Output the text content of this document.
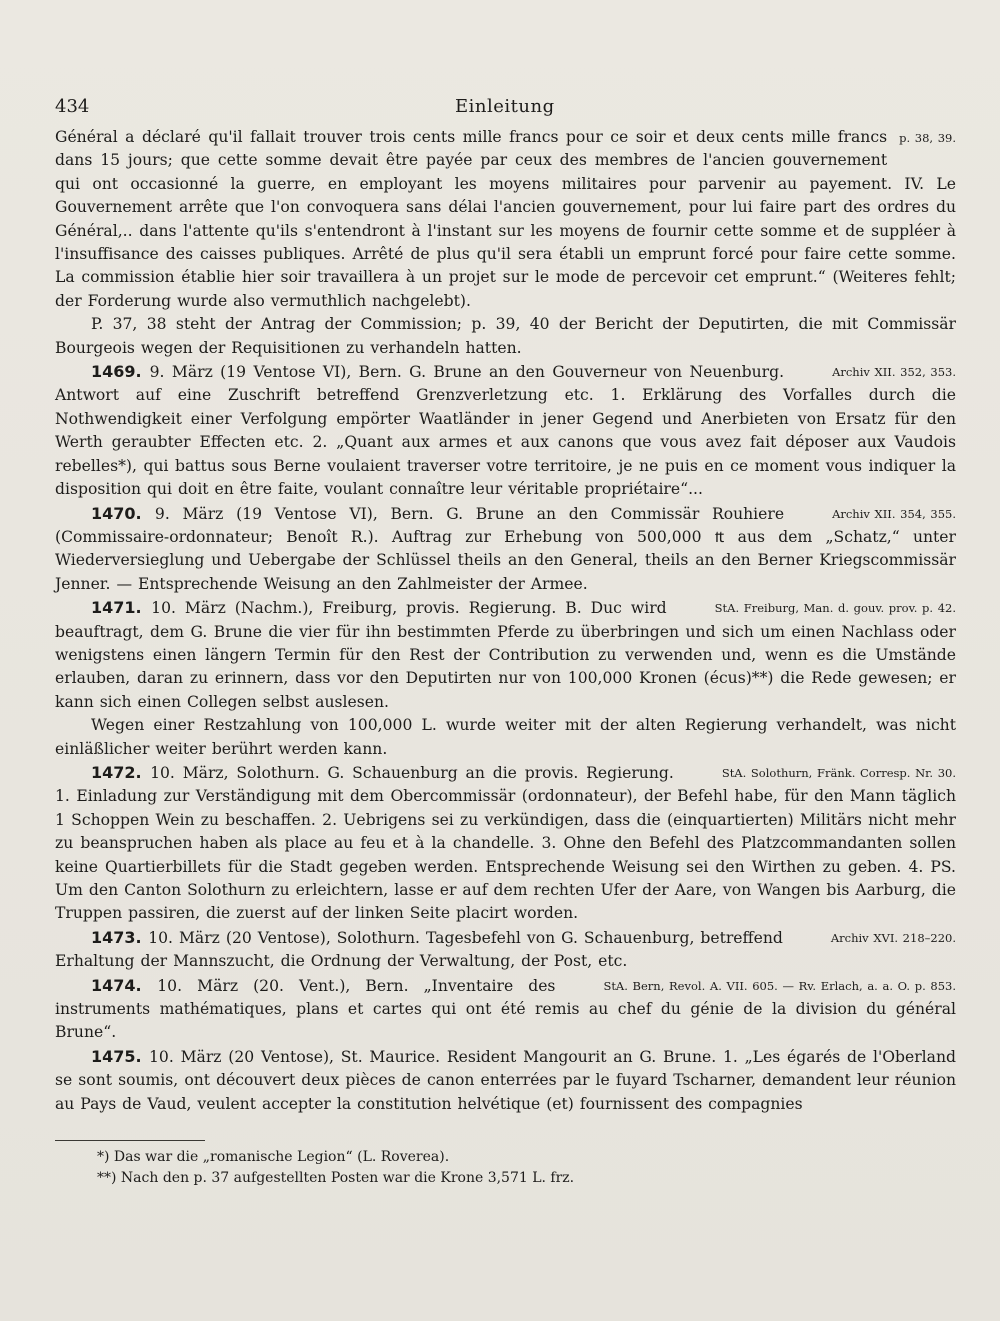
434	Einleitung

p. 38, 39.
Général a déclaré qu'il fallait trouver trois cents mille francs pour ce soir et deux cents mille francs dans 15 jours; que cette somme devait être payée par ceux des membres de l'ancien gouvernement qui ont occasionné la guerre, en employant les moyens militaires pour parvenir au payement. IV. Le Gouvernement arrête que l'on convoquera sans délai l'ancien gouvernement, pour lui faire part des ordres du Général,.. dans l'attente qu'ils s'entendront à l'instant sur les moyens de fournir cette somme et de suppléer à l'insuffisance des caisses publiques. Arrêté de plus qu'il sera établi un emprunt forcé pour faire cette somme. La commission établie hier soir travaillera à un projet sur le mode de percevoir cet emprunt.“ (Weiteres fehlt; der Forderung wurde also vermuthlich nachgelebt).

P. 37, 38 steht der Antrag der Commission; p. 39, 40 der Bericht der Deputirten, die mit Commissär Bourgeois wegen der Requisitionen zu verhandeln hatten.

Archiv XII. 352, 353.
1469. 9. März (19 Ventose VI), Bern. G. Brune an den Gouverneur von Neuenburg. Antwort auf eine Zuschrift betreffend Grenzverletzung etc. 1. Erklärung des Vorfalles durch die Nothwendigkeit einer Verfolgung empörter Waatländer in jener Gegend und Anerbieten von Ersatz für den Werth geraubter Effecten etc. 2. „Quant aux armes et aux canons que vous avez fait déposer aux Vaudois rebelles*), qui battus sous Berne voulaient traverser votre territoire, je ne puis en ce moment vous indiquer la disposition qui doit en être faite, voulant connaître leur véritable propriétaire“...

Archiv XII. 354, 355.
1470. 9. März (19 Ventose VI), Bern. G. Brune an den Commissär Rouhiere (Commissaire-ordonnateur; Benoît R.). Auftrag zur Erhebung von 500,000 ₶ aus dem „Schatz,“ unter Wiederversieglung und Uebergabe der Schlüssel theils an den General, theils an den Berner Kriegscommissär Jenner. — Entsprechende Weisung an den Zahlmeister der Armee.

StA. Freiburg, Man. d. gouv. prov. p. 42.
1471. 10. März (Nachm.), Freiburg, provis. Regierung. B. Duc wird beauftragt, dem G. Brune die vier für ihn bestimmten Pferde zu überbringen und sich um einen Nachlass oder wenigstens einen längern Termin für den Rest der Contribution zu verwenden und, wenn es die Umstände erlauben, daran zu erinnern, dass vor den Deputirten nur von 100,000 Kronen (écus)**) die Rede gewesen; er kann sich einen Collegen selbst auslesen.

Wegen einer Restzahlung von 100,000 L. wurde weiter mit der alten Regierung verhandelt, was nicht einläßlicher weiter berührt werden kann.

StA. Solothurn, Fränk. Corresp. Nr. 30.
1472. 10. März, Solothurn. G. Schauenburg an die provis. Regierung. 1. Einladung zur Verständigung mit dem Obercommissär (ordonnateur), der Befehl habe, für den Mann täglich 1 Schoppen Wein zu beschaffen. 2. Uebrigens sei zu verkündigen, dass die (einquartierten) Militärs nicht mehr zu beanspruchen haben als place au feu et à la chandelle. 3. Ohne den Befehl des Platzcommandanten sollen keine Quartierbillets für die Stadt gegeben werden. Entsprechende Weisung sei den Wirthen zu geben. 4. PS. Um den Canton Solothurn zu erleichtern, lasse er auf dem rechten Ufer der Aare, von Wangen bis Aarburg, die Truppen passiren, die zuerst auf der linken Seite placirt worden.

Archiv XVI. 218–220.
1473. 10. März (20 Ventose), Solothurn. Tagesbefehl von G. Schauenburg, betreffend Erhaltung der Mannszucht, die Ordnung der Verwaltung, der Post, etc.

StA. Bern, Revol. A. VII. 605. — Rv. Erlach, a. a. O. p. 853.
1474. 10. März (20. Vent.), Bern. „Inventaire des instruments mathématiques, plans et cartes qui ont été remis au chef du génie de la division du général Brune“.

1475. 10. März (20 Ventose), St. Maurice. Resident Mangourit an G. Brune. 1. „Les égarés de l'Oberland se sont soumis, ont découvert deux pièces de canon enterrées par le fuyard Tscharner, demandent leur réunion au Pays de Vaud, veulent accepter la constitution helvétique (et) fournissent des compagnies

*) Das war die „romanische Legion“ (L. Roverea).

**) Nach den p. 37 aufgestellten Posten war die Krone 3,571 L. frz.
